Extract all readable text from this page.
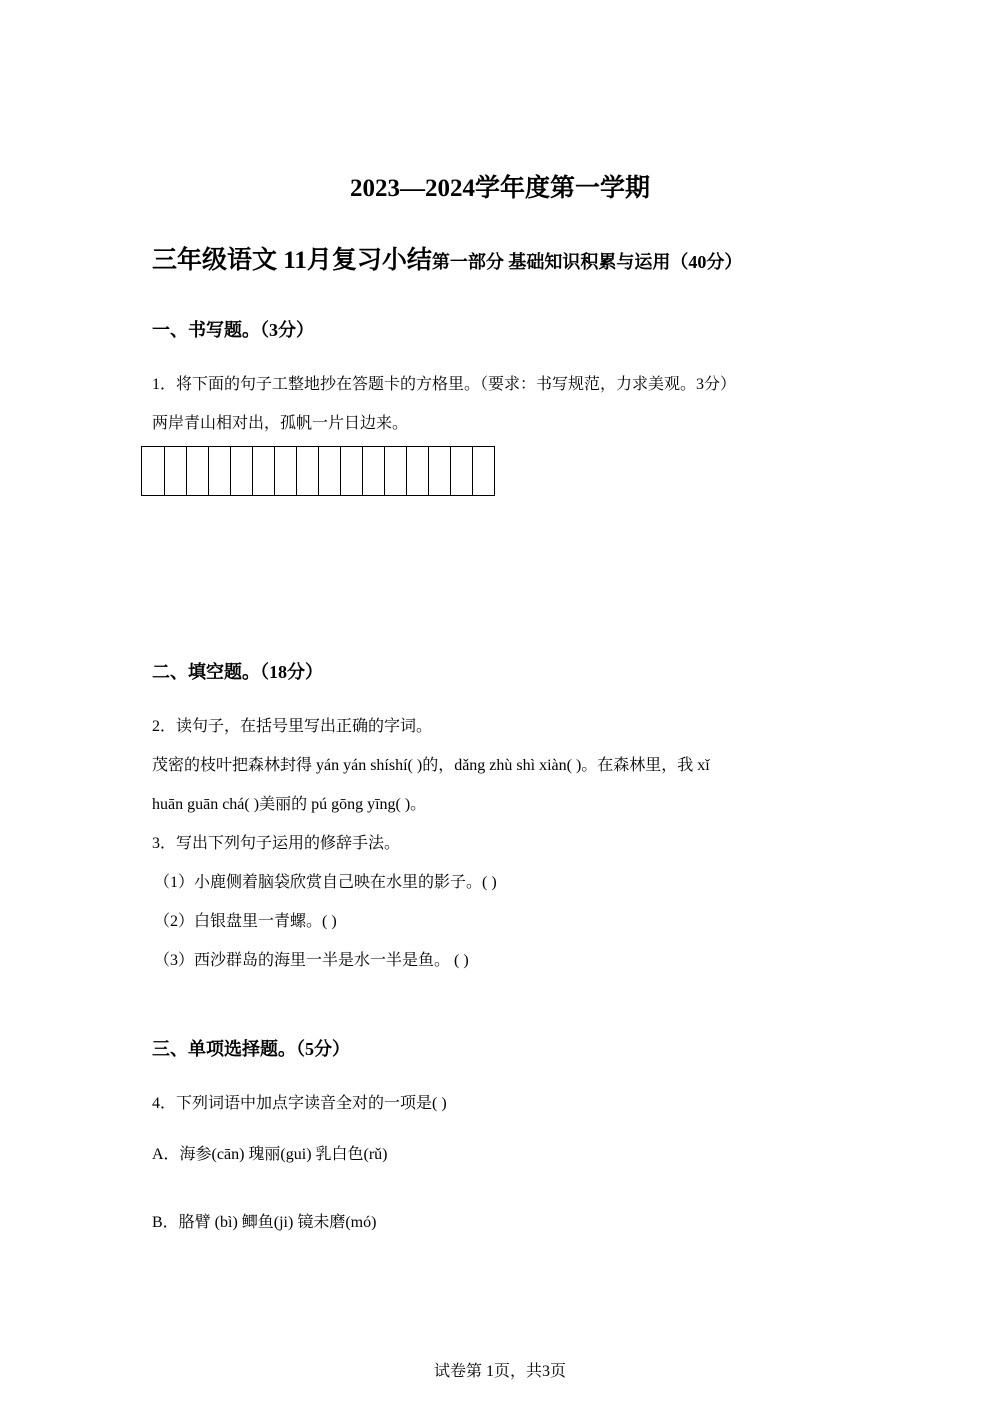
2023—2024学年度第一学期
三年级语文 11月复习小结第一部分 基础知识积累与运用（40分）
一、书写题。（3分）
1．将下面的句子工整地抄在答题卡的方格里。（要求：书写规范，力求美观。3分）
两岸青山相对出，孤帆一片日边来。
二、填空题。（18分）
2．读句子，在括号里写出正确的字词。
茂密的枝叶把森林封得 yán yán shíshí( )的，dǎng zhù shì xiàn( )。在森林里，我 xǐ
huān guān chá( )美丽的 pú gōng yīng( )。
3．写出下列句子运用的修辞手法。
（1）小鹿侧着脑袋欣赏自己映在水里的影子。( )
（2）白银盘里一青螺。( )
（3）西沙群岛的海里一半是水一半是鱼。 ( )
三、单项选择题。（5分）
4．下列词语中加点字读音全对的一项是( )
A．海参(cān) 瑰丽(gui) 乳白色(rǔ)
B．胳臂 (bì) 鲫鱼(ji) 镜未磨(mó)
试卷第 1页，共3页
